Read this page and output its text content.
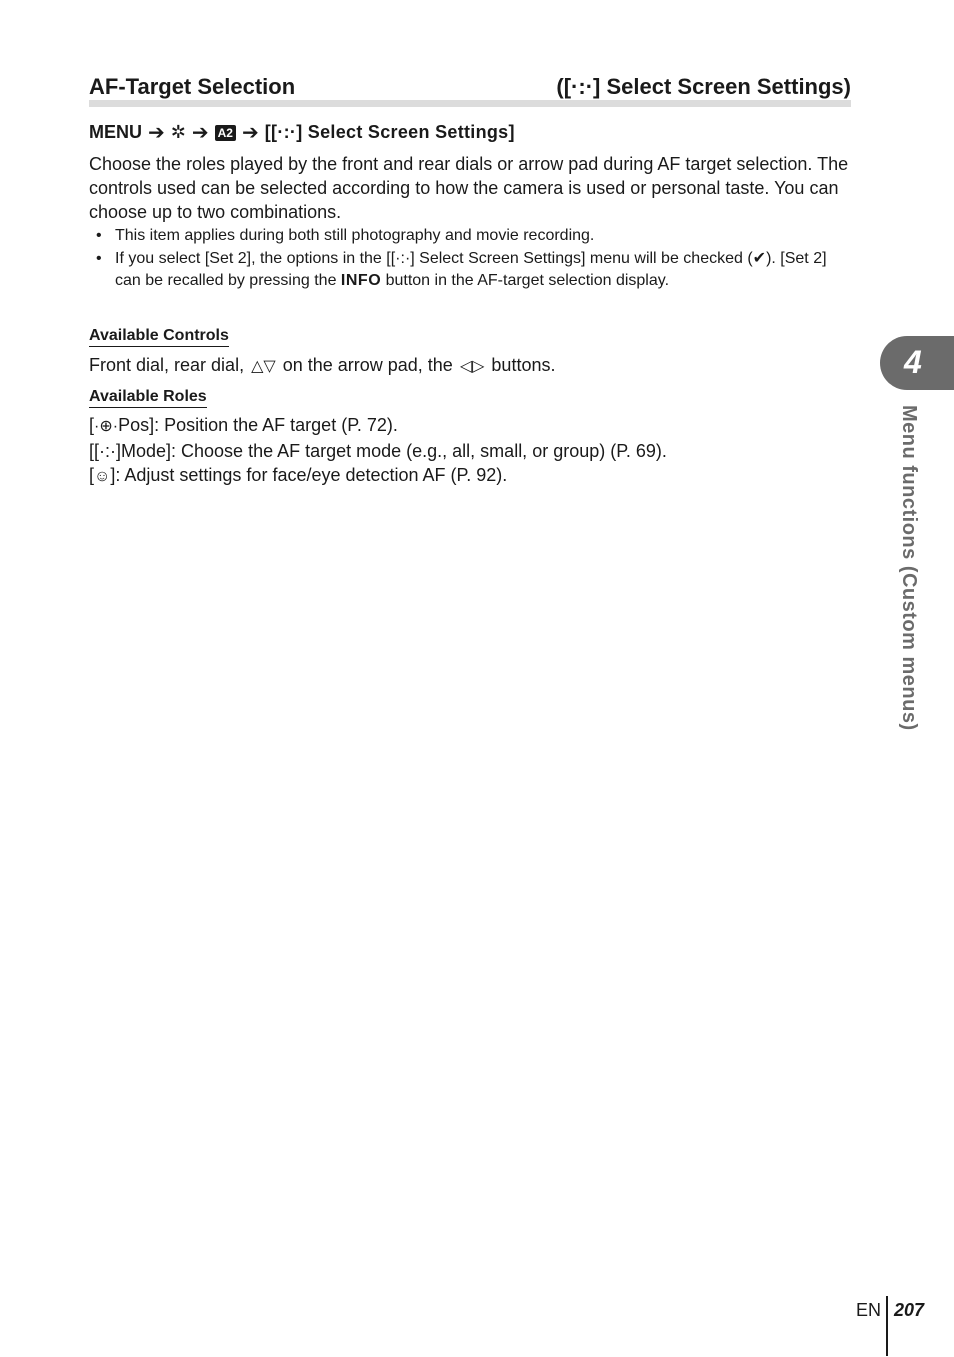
AF-Target Selection	([·:·] Select Screen Settings)
MENU ➔ ✲ ➔ A2 ➔ [[·:·] Select Screen Settings]

Choose the roles played by the front and rear dials or arrow pad during AF target selection. The controls used can be selected according to how the camera is used or personal taste. You can choose up to two combinations.

• This item applies during both still photography and movie recording.
• If you select [Set 2], the options in the [[·:·] Select Screen Settings] menu will be checked (✔). [Set 2] can be recalled by pressing the INFO button in the AF-target selection display.
Available Controls
Front dial, rear dial, △▽ on the arrow pad, the ◁▷ buttons.
Available Roles
[·⊕·Pos]: Position the AF target (P. 72).
[[·:·]Mode]: Choose the AF target mode (e.g., all, small, or group) (P. 69).
[☺]: Adjust settings for face/eye detection AF (P. 92).
4
Menu functions (Custom menus)
EN 207
